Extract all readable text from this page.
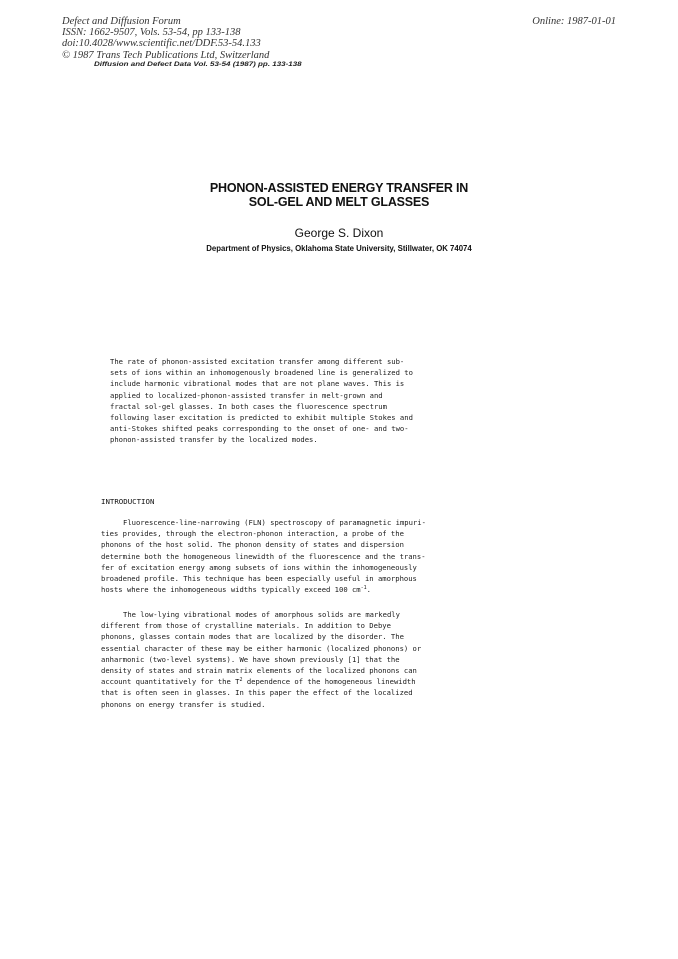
Defect and Diffusion Forum
ISSN: 1662-9507, Vols. 53-54, pp 133-138
doi:10.4028/www.scientific.net/DDF.53-54.133
© 1987 Trans Tech Publications Ltd, Switzerland
Online: 1987-01-01
Diffusion and Defect Data Vol. 53-54 (1987) pp. 133-138
PHONON-ASSISTED ENERGY TRANSFER IN
SOL-GEL AND MELT GLASSES
George S. Dixon
Department of Physics, Oklahoma State University, Stillwater, OK 74074
The rate of phonon-assisted excitation transfer among different sub-
sets of ions within an inhomogenously broadened line is generalized to
include harmonic vibrational modes that are not plane waves. This is
applied to localized-phonon-assisted transfer in melt-grown and
fractal sol-gel glasses. In both cases the fluorescence spectrum
following laser excitation is predicted to exhibit multiple Stokes and
anti-Stokes shifted peaks corresponding to the onset of one- and two-
phonon-assisted transfer by the localized modes.
INTRODUCTION
Fluorescence-line-narrowing (FLN) spectroscopy of paramagnetic impuri-
ties provides, through the electron-phonon interaction, a probe of the
phonons of the host solid. The phonon density of states and dispersion
determine both the homogeneous linewidth of the fluorescence and the trans-
fer of excitation energy among subsets of ions within the inhomogeneously
broadened profile. This technique has been especially useful in amorphous
hosts where the inhomogeneous widths typically exceed 100 $cm^{-1}$.
The low-lying vibrational modes of amorphous solids are markedly
different from those of crystalline materials. In addition to Debye
phonons, glasses contain modes that are localized by the disorder. The
essential character of these may be either harmonic (localized phonons) or
anharmonic (two-level systems). We have shown previously [1] that the
density of states and strain matrix elements of the localized phonons can
account quantitatively for the $T^2$ dependence of the homogeneous linewidth
that is often seen in glasses. In this paper the effect of the localized
phonons on energy transfer is studied.
